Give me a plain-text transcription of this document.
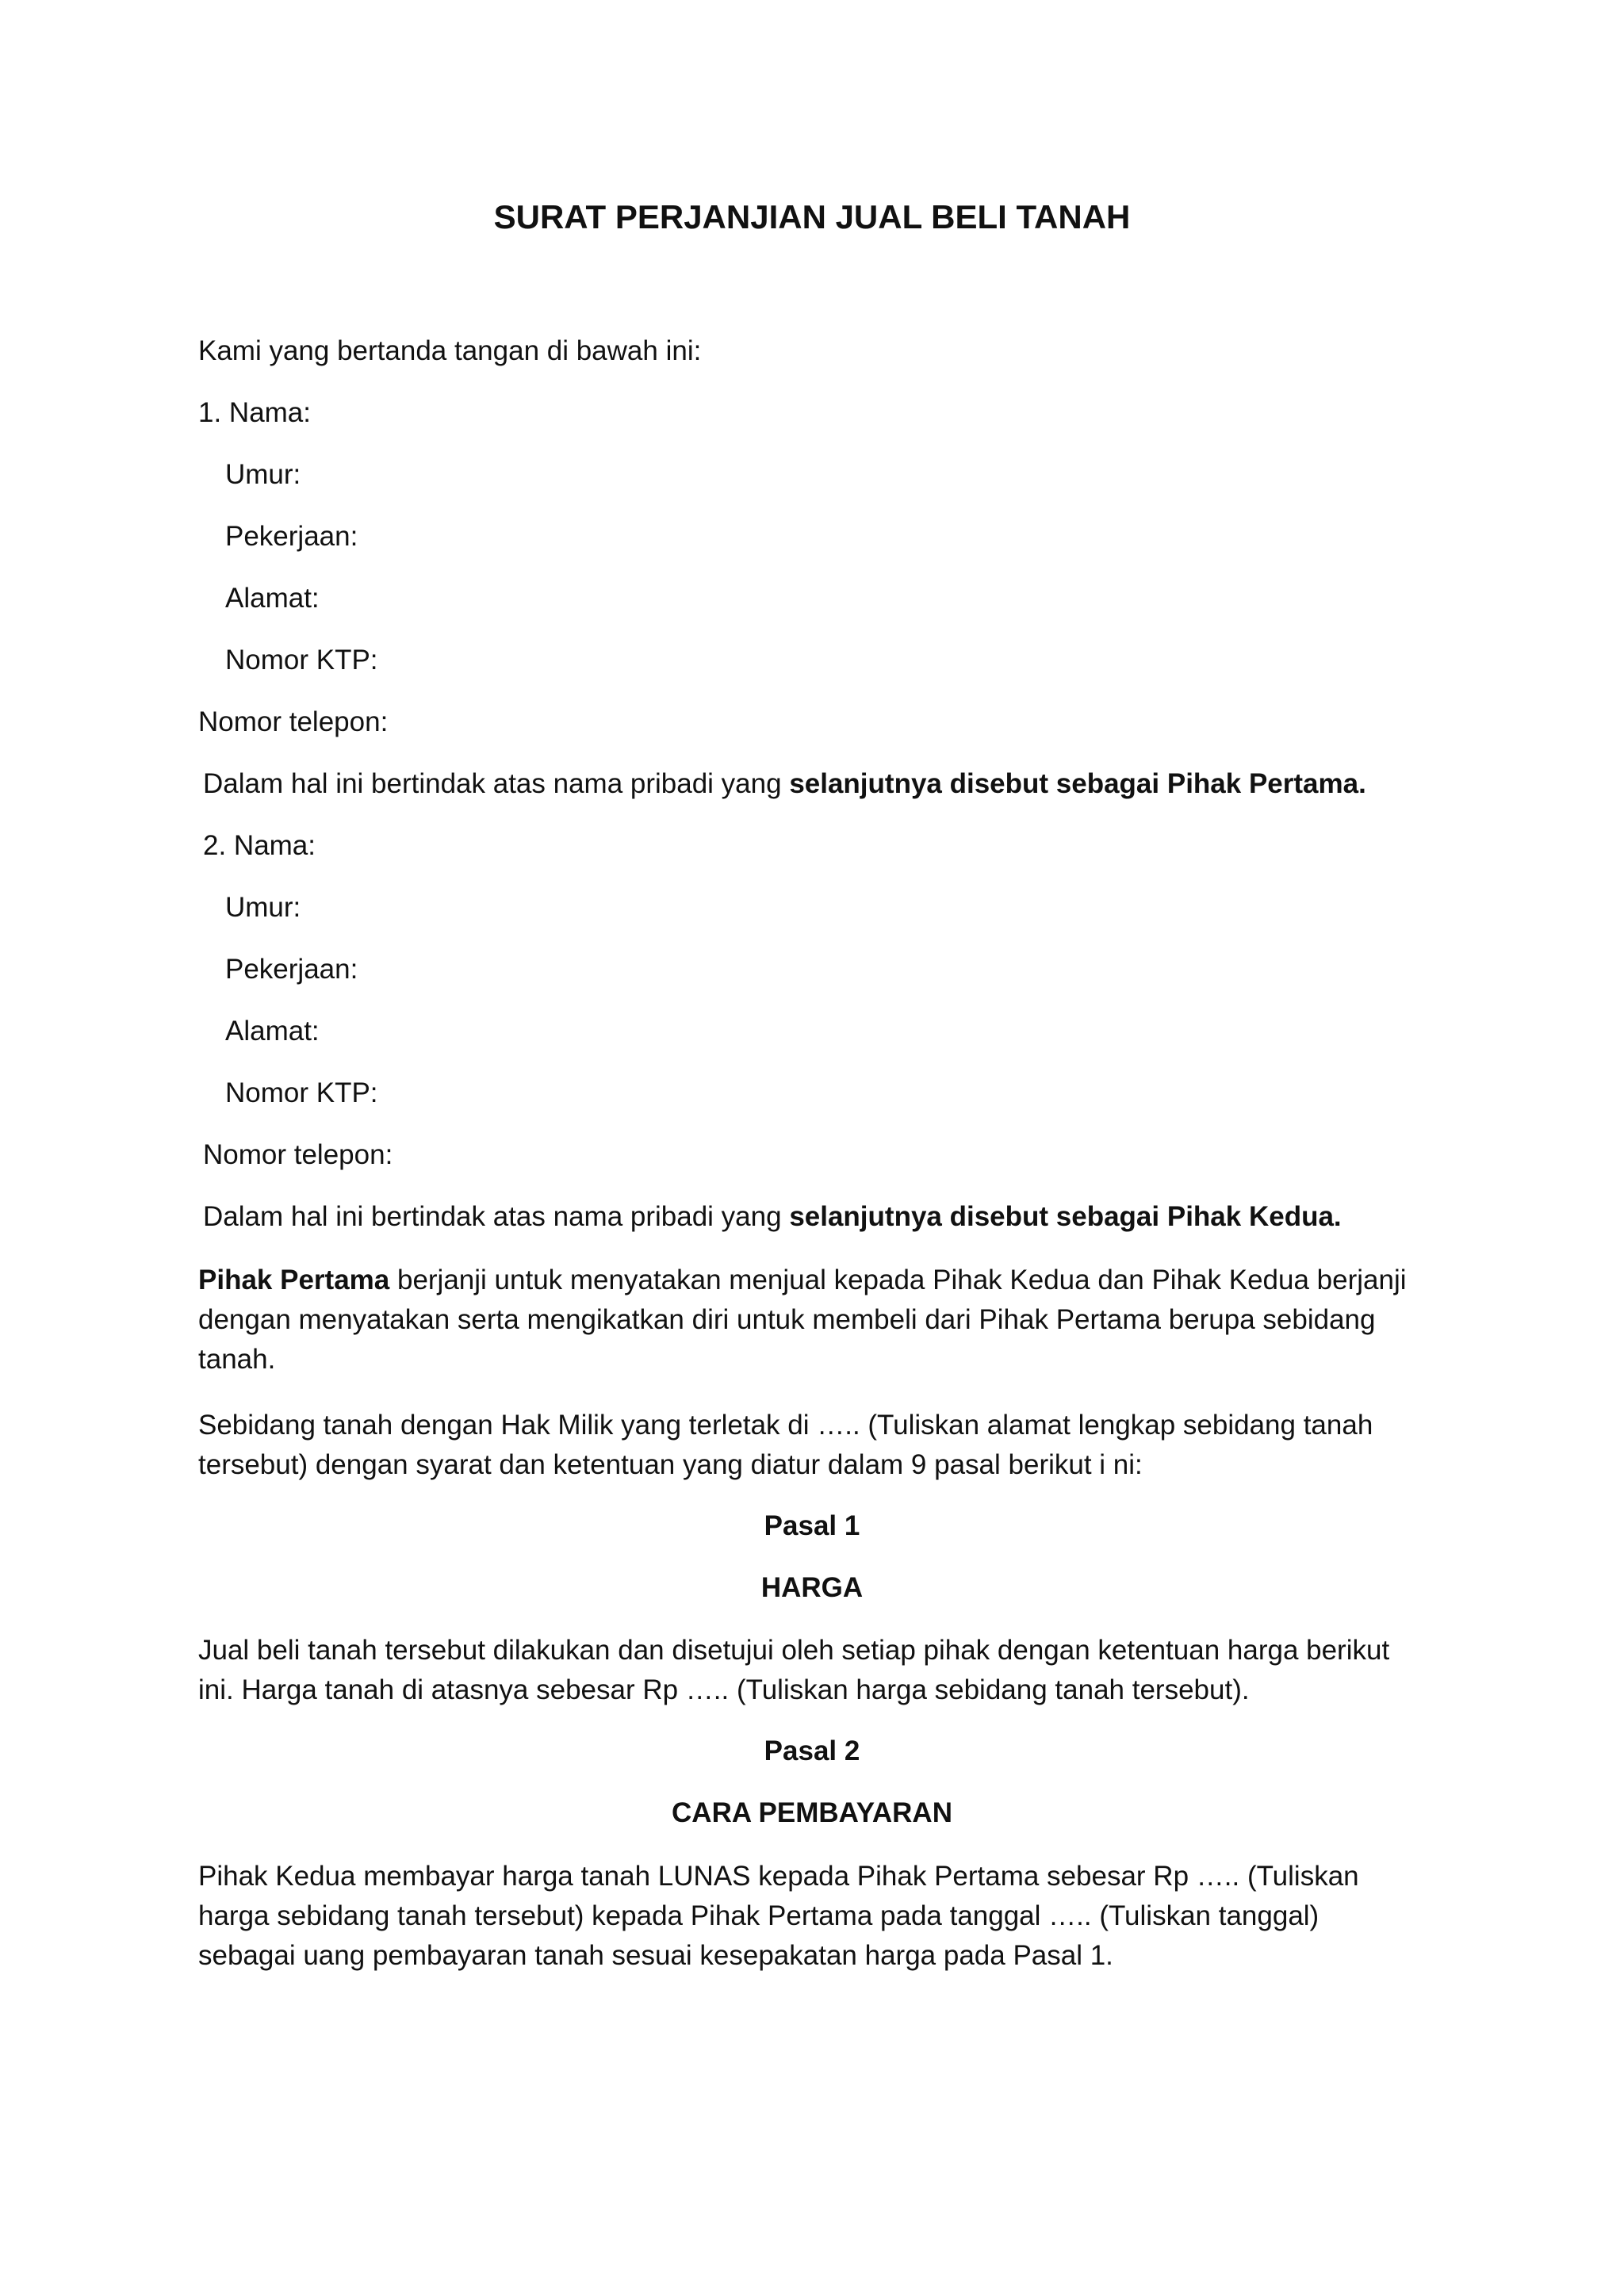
SURAT PERJANJIAN JUAL BELI TANAH
Kami yang bertanda tangan di bawah ini:
1. Nama:
Umur:
Pekerjaan:
Alamat:
Nomor KTP:
Nomor telepon:
Dalam hal ini bertindak atas nama pribadi yang selanjutnya disebut sebagai Pihak Pertama.
2. Nama:
Umur:
Pekerjaan:
Alamat:
Nomor KTP:
Nomor telepon:
Dalam hal ini bertindak atas nama pribadi yang selanjutnya disebut sebagai Pihak Kedua.
Pihak Pertama berjanji untuk menyatakan menjual kepada Pihak Kedua dan Pihak Kedua berjanji dengan menyatakan serta mengikatkan diri untuk membeli dari Pihak Pertama berupa sebidang tanah.
Sebidang tanah dengan Hak Milik yang terletak di ….. (Tuliskan alamat lengkap sebidang tanah tersebut) dengan syarat dan ketentuan yang diatur dalam 9 pasal berikut i ni:
Pasal 1
HARGA
Jual beli tanah tersebut dilakukan dan disetujui oleh setiap pihak dengan ketentuan harga berikut ini. Harga tanah di atasnya sebesar Rp ….. (Tuliskan harga sebidang tanah tersebut).
Pasal 2
CARA PEMBAYARAN
Pihak Kedua membayar harga tanah LUNAS kepada Pihak Pertama sebesar Rp ….. (Tuliskan harga sebidang tanah tersebut) kepada Pihak Pertama pada tanggal ….. (Tuliskan tanggal) sebagai uang pembayaran tanah sesuai kesepakatan harga pada Pasal 1.
